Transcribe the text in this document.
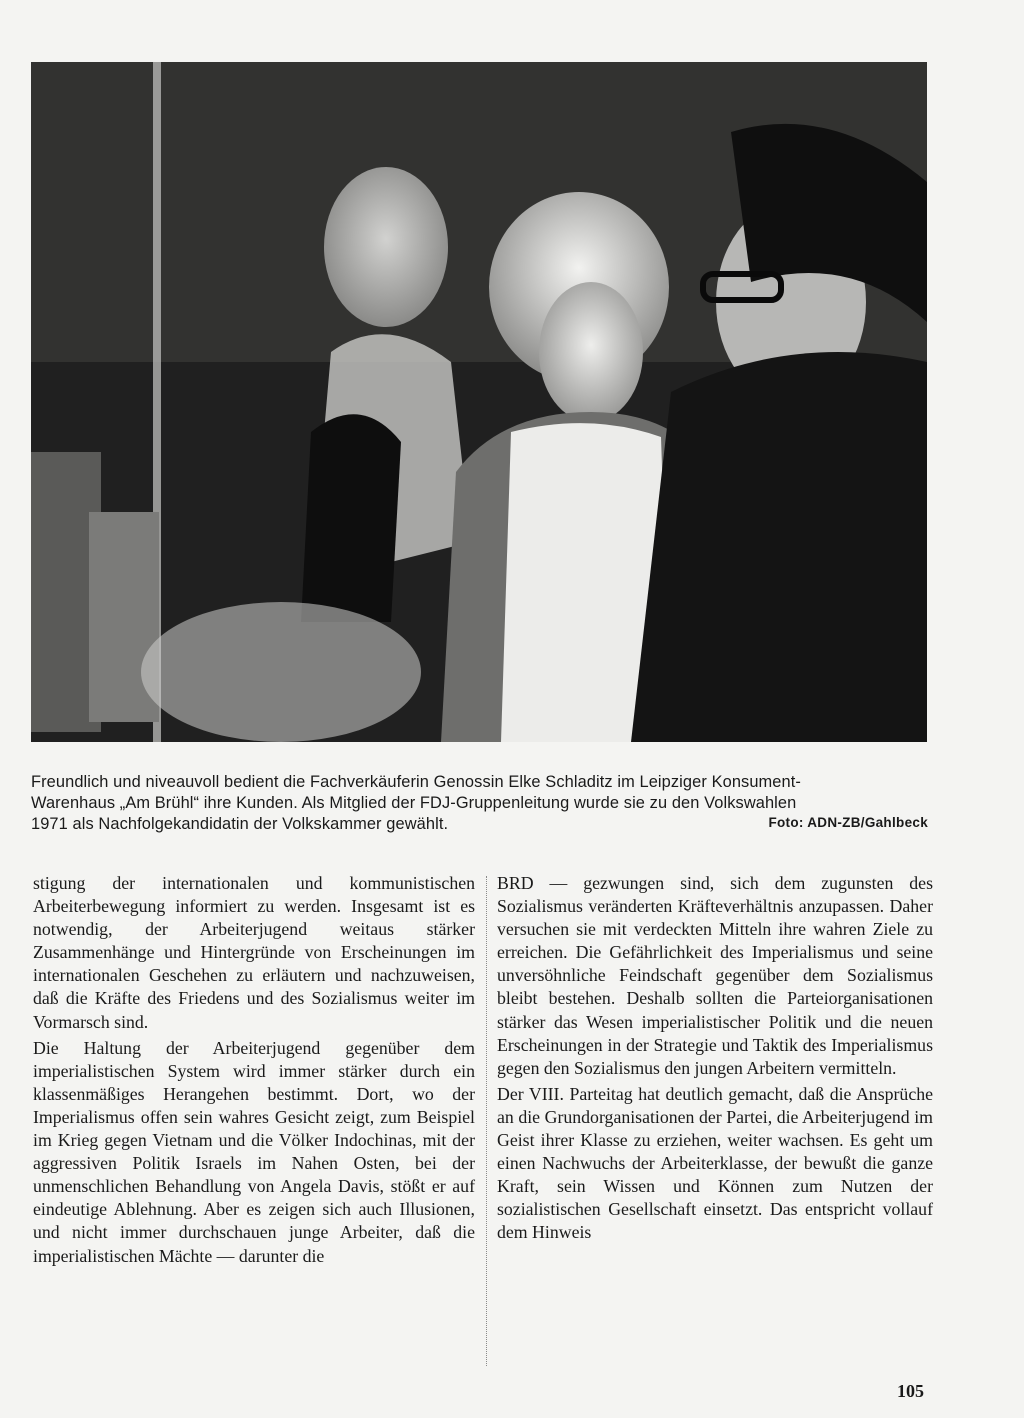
Freundlich und niveauvoll bedient die Fachverkäuferin Genossin Elke Schladitz im Leipziger Konsument-

Warenhaus „Am Brühl“ ihre Kunden. Als Mitglied der FDJ-Gruppenleitung wurde sie zu den Volkswahlen

1971 als Nachfolgekandidatin der Volkskammer gewählt.	Foto: ADN-ZB/Gahlbeck

stigung der internationalen und kommunistischen Arbeiterbewegung informiert zu werden. Insgesamt ist es notwendig, der Arbeiterjugend weitaus stärker Zusammenhänge und Hintergründe von Erscheinungen im internationalen Geschehen zu erläutern und nachzuweisen, daß die Kräfte des Friedens und des Sozialismus weiter im Vormarsch sind.

Die Haltung der Arbeiterjugend gegenüber dem imperialistischen System wird immer stärker durch ein klassenmäßiges Herangehen bestimmt. Dort, wo der Imperialismus offen sein wahres Gesicht zeigt, zum Beispiel im Krieg gegen Vietnam und die Völker Indochinas, mit der aggressiven Politik Israels im Nahen Osten, bei der unmenschlichen Behandlung von Angela Davis, stößt er auf eindeutige Ablehnung. Aber es zeigen sich auch Illusionen, und nicht immer durchschauen junge Arbeiter, daß die imperialistischen Mächte — darunter die

BRD — gezwungen sind, sich dem zugunsten des Sozialismus veränderten Kräfteverhältnis anzupassen. Daher versuchen sie mit verdeckten Mitteln ihre wahren Ziele zu erreichen. Die Gefährlichkeit des Imperialismus und seine unversöhnliche Feindschaft gegenüber dem Sozialismus bleibt bestehen. Deshalb sollten die Parteiorganisationen stärker das Wesen imperialistischer Politik und die neuen Erscheinungen in der Strategie und Taktik des Imperialismus gegen den Sozialismus den jungen Arbeitern vermitteln.

Der VIII. Parteitag hat deutlich gemacht, daß die Ansprüche an die Grundorganisationen der Partei, die Arbeiterjugend im Geist ihrer Klasse zu erziehen, weiter wachsen. Es geht um einen Nachwuchs der Arbeiterklasse, der bewußt die ganze Kraft, sein Wissen und Können zum Nutzen der sozialistischen Gesellschaft einsetzt. Das entspricht vollauf dem Hinweis

105
